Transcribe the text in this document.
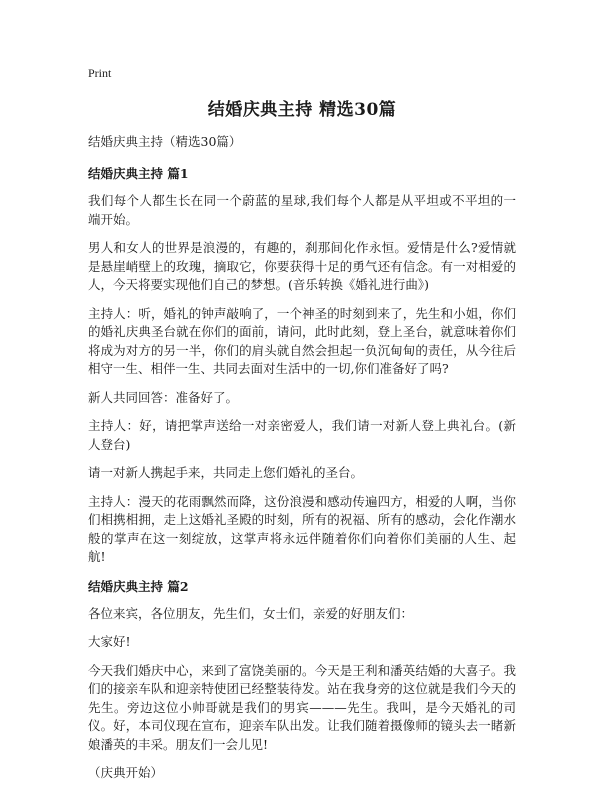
Print
结婚庆典主持 精选30篇

结婚庆典主持（精选30篇）

结婚庆典主持 篇1

我们每个人都生长在同一个蔚蓝的星球,我们每个人都是从平坦或不平坦的一端开始。

男人和女人的世界是浪漫的，有趣的，刹那间化作永恒。爱情是什么?爱情就是悬崖峭壁上的玫瑰，摘取它，你要获得十足的勇气还有信念。有一对相爱的人，今天将要实现他们自己的梦想。(音乐转换《婚礼进行曲》)

主持人：听，婚礼的钟声敲响了，一个神圣的时刻到来了，先生和小姐，你们的婚礼庆典圣台就在你们的面前，请问，此时此刻，登上圣台，就意味着你们将成为对方的另一半，你们的肩头就自然会担起一负沉甸甸的责任，从今往后相守一生、相伴一生、共同去面对生活中的一切,你们准备好了吗?

新人共同回答：准备好了。

主持人：好，请把掌声送给一对亲密爱人，我们请一对新人登上典礼台。(新人登台)

请一对新人携起手来，共同走上您们婚礼的圣台。

主持人：漫天的花雨飘然而降，这份浪漫和感动传遍四方，相爱的人啊，当你们相携相拥，走上这婚礼圣殿的时刻，所有的祝福、所有的感动，会化作潮水般的掌声在这一刻绽放，这掌声将永远伴随着你们向着你们美丽的人生、起航!

结婚庆典主持 篇2

各位来宾，各位朋友，先生们，女士们，亲爱的好朋友们：

大家好!

今天我们婚庆中心，来到了富饶美丽的。今天是王利和潘英结婚的大喜子。我们的接亲车队和迎亲特使团已经整装待发。站在我身旁的这位就是我们今天的先生。旁边这位小帅哥就是我们的男宾———先生。我叫，是今天婚礼的司仪。好，本司仪现在宣布，迎亲车队出发。让我们随着摄像师的镜头去一睹新娘潘英的丰采。朋友们一会儿见!

（庆典开始）
